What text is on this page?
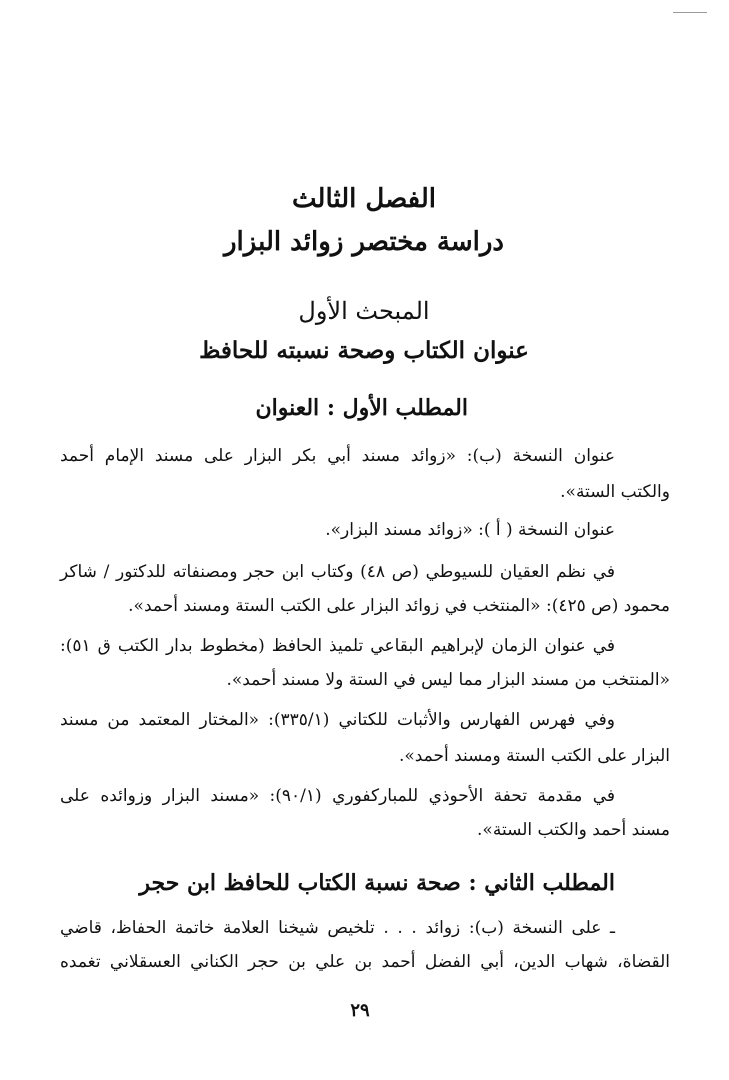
الفصل الثالث
دراسة مختصر زوائد البزار
المبحث الأول
عنوان الكتاب وصحة نسبته للحافظ
المطلب الأول : العنوان
عنوان النسخة (ب): «زوائد مسند أبي بكر البزار على مسند الإمام أحمد
والكتب الستة».
عنوان النسخة ( أ ): «زوائد مسند البزار».
في نظم العقيان للسيوطي (ص ٤٨) وكتاب ابن حجر ومصنفاته للدكتور / شاكر
محمود (ص ٤٢٥): «المنتخب في زوائد البزار على الكتب الستة ومسند أحمد».
في عنوان الزمان لإبراهيم البقاعي تلميذ الحافظ (مخطوط بدار الكتب ق ٥١):
«المنتخب من مسند البزار مما ليس في الستة ولا مسند أحمد».
وفي فهرس الفهارس والأثبات للكتاني (٣٣٥/١): «المختار المعتمد من مسند
البزار على الكتب الستة ومسند أحمد».
في مقدمة تحفة الأحوذي للمباركفوري (٩٠/١): «مسند البزار وزوائده على
مسند أحمد والكتب الستة».
المطلب الثاني : صحة نسبة الكتاب للحافظ ابن حجر
ـ على النسخة (ب): زوائد . . . تلخيص شيخنا العلامة خاتمة الحفاظ، قاضي
القضاة، شهاب الدين، أبي الفضل أحمد بن علي بن حجر الكناني العسقلاني تغمده
٢٩
